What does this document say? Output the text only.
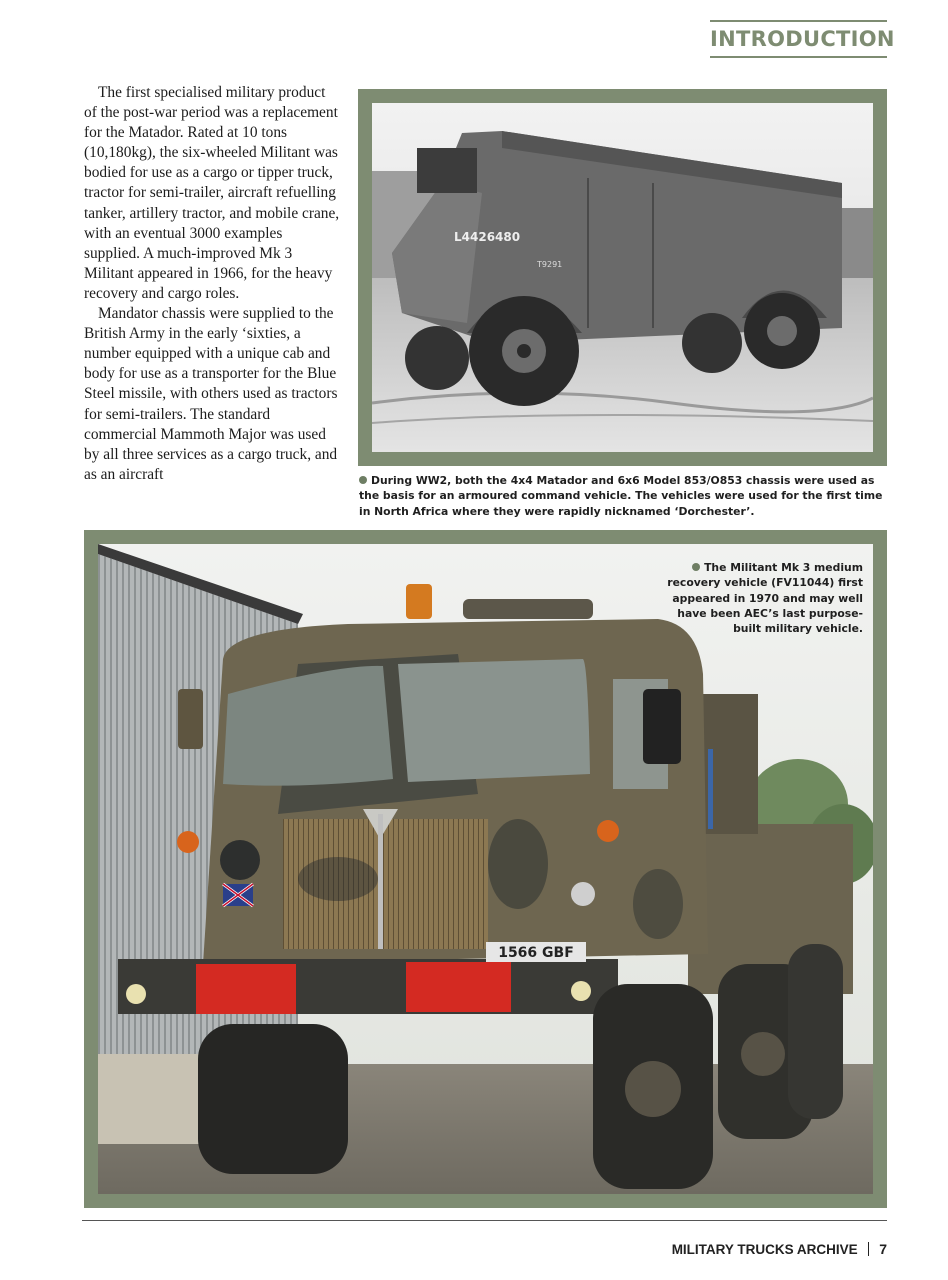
INTRODUCTION

The first specialised military product of the post-war period was a replacement for the Matador. Rated at 10 tons (10,180kg), the six-wheeled Militant was bodied for use as a cargo or tipper truck, tractor for semi-trailer, aircraft refuelling tanker, artillery tractor, and mobile crane, with an eventual 3000 examples supplied. A much-improved Mk 3 Militant appeared in 1966, for the heavy recovery and cargo roles.

Mandator chassis were supplied to the British Army in the early ‘sixties, a number equipped with a unique cab and body for use as a transporter for the Blue Steel missile, with others used as tractors for semi-trailers. The standard commercial Mammoth Major was used by all three services as a cargo truck, and as an aircraft

L4426480
T9291
During WW2, both the 4x4 Matador and 6x6 Model 853/O853 chassis were used as the basis for an armoured command vehicle. The vehicles were used for the first time in North Africa where they were rapidly nicknamed ‘Dorchester’.
1566 GBF
The Militant Mk 3 medium recovery vehicle (FV11044) first appeared in 1970 and may well have been AEC’s last purpose-built military vehicle.
MILITARY TRUCKS ARCHIVE 7
